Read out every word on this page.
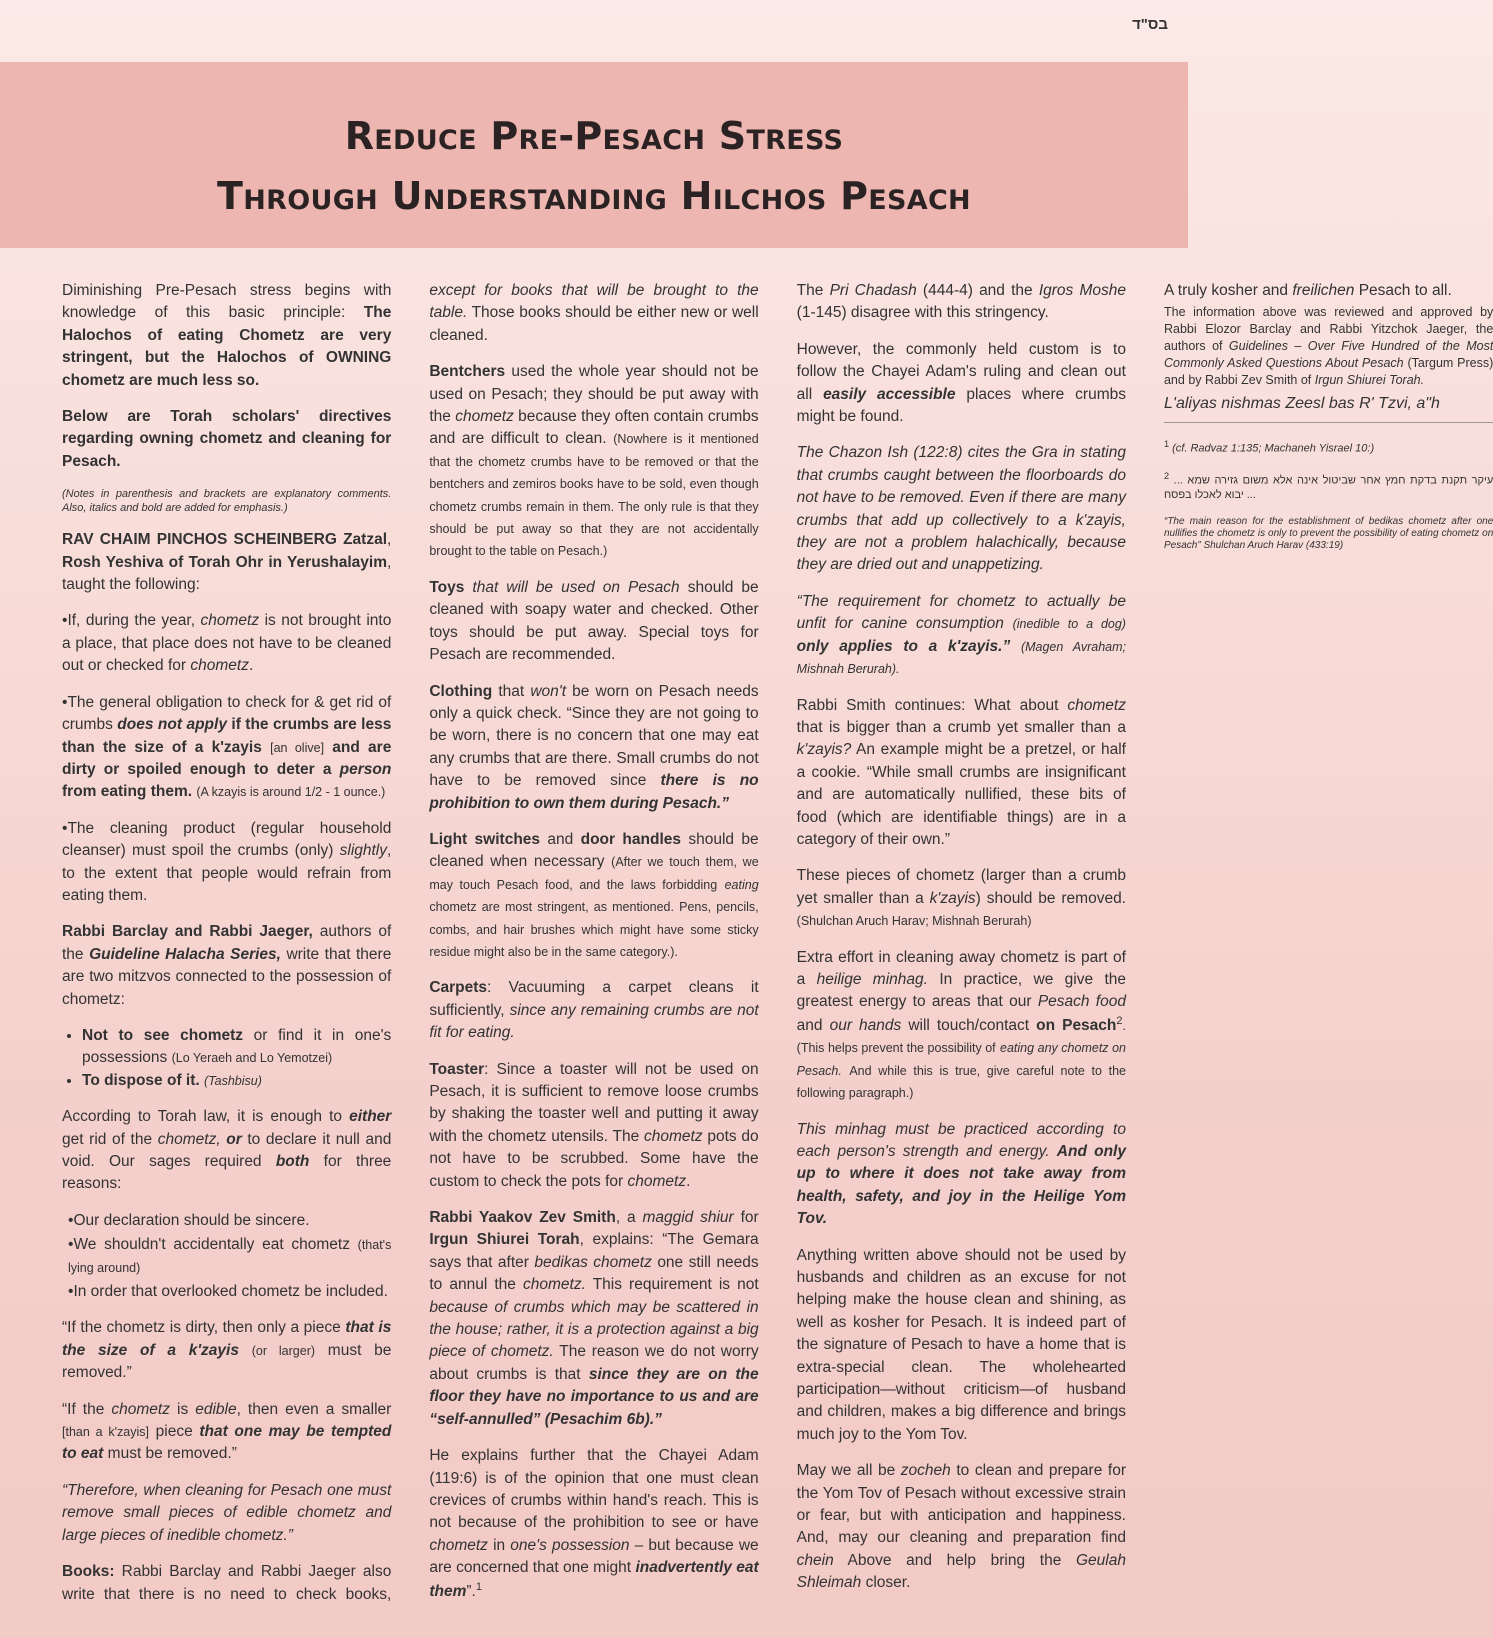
בס"ד
Reduce Pre-Pesach Stress
Through Understanding Hilchos Pesach

Diminishing Pre-Pesach stress begins with knowledge of this basic principle: The Halochos of eating Chometz are very stringent, but the Halochos of OWNING chometz are much less so.

Below are Torah scholars' directives regarding owning chometz and cleaning for Pesach.

(Notes in parenthesis and brackets are explanatory comments. Also, italics and bold are added for emphasis.)

RAV CHAIM PINCHOS SCHEINBERG Zatzal, Rosh Yeshiva of Torah Ohr in Yerushalayim, taught the following:

•If, during the year, chometz is not brought into a place, that place does not have to be cleaned out or checked for chometz.

•The general obligation to check for & get rid of crumbs does not apply if the crumbs are less than the size of a k'zayis [an olive] and are dirty or spoiled enough to deter a person from eating them. (A kzayis is around 1/2 - 1 ounce.)

•The cleaning product (regular household cleanser) must spoil the crumbs (only) slightly, to the extent that people would refrain from eating them.

Rabbi Barclay and Rabbi Jaeger, authors of the Guideline Halacha Series, write that there are two mitzvos connected to the possession of chometz:

• Not to see chometz or find it in one's possessions (Lo Yeraeh and Lo Yemotzei)
• To dispose of it. (Tashbisu)

According to Torah law, it is enough to either get rid of the chometz, or to declare it null and void. Our sages required both for three reasons:

•Our declaration should be sincere.
•We shouldn't accidentally eat chometz (that's lying around)
•In order that overlooked chometz be included.

“If the chometz is dirty, then only a piece that is the size of a k'zayis (or larger) must be removed.”

“If the chometz is edible, then even a smaller [than a k'zayis] piece that one may be tempted to eat must be removed.”

“Therefore, when cleaning for Pesach one must remove small pieces of edible chometz and large pieces of inedible chometz.”

Books: Rabbi Barclay and Rabbi Jaeger also write that there is no need to check books, except for books that will be brought to the table. Those books should be either new or well cleaned.

Bentchers used the whole year should not be used on Pesach; they should be put away with the chometz because they often contain crumbs and are difficult to clean. (Nowhere is it mentioned that the chometz crumbs have to be removed or that the bentchers and zemiros books have to be sold, even though chometz crumbs remain in them. The only rule is that they should be put away so that they are not accidentally brought to the table on Pesach.)

Toys that will be used on Pesach should be cleaned with soapy water and checked. Other toys should be put away. Special toys for Pesach are recommended.

Clothing that won't be worn on Pesach needs only a quick check. “Since they are not going to be worn, there is no concern that one may eat any crumbs that are there. Small crumbs do not have to be removed since there is no prohibition to own them during Pesach.”

Light switches and door handles should be cleaned when necessary (After we touch them, we may touch Pesach food, and the laws forbidding eating chometz are most stringent, as mentioned. Pens, pencils, combs, and hair brushes which might have some sticky residue might also be in the same category.).

Carpets: Vacuuming a carpet cleans it sufficiently, since any remaining crumbs are not fit for eating.

Toaster: Since a toaster will not be used on Pesach, it is sufficient to remove loose crumbs by shaking the toaster well and putting it away with the chometz utensils. The chometz pots do not have to be scrubbed. Some have the custom to check the pots for chometz.

Rabbi Yaakov Zev Smith, a maggid shiur for Irgun Shiurei Torah, explains: “The Gemara says that after bedikas chometz one still needs to annul the chometz. This requirement is not because of crumbs which may be scattered in the house; rather, it is a protection against a big piece of chometz. The reason we do not worry about crumbs is that since they are on the floor they have no importance to us and are “self-annulled” (Pesachim 6b).”

He explains further that the Chayei Adam (119:6) is of the opinion that one must clean crevices of crumbs within hand's reach. This is not because of the prohibition to see or have chometz in one's possession – but because we are concerned that one might inadvertently eat them”.$^1$

The Pri Chadash (444-4) and the Igros Moshe (1-145) disagree with this stringency.

However, the commonly held custom is to follow the Chayei Adam's ruling and clean out all easily accessible places where crumbs might be found.

The Chazon Ish (122:8) cites the Gra in stating that crumbs caught between the floorboards do not have to be removed. Even if there are many crumbs that add up collectively to a k'zayis, they are not a problem halachically, because they are dried out and unappetizing.

“The requirement for chometz to actually be unfit for canine consumption (inedible to a dog) only applies to a k'zayis.” (Magen Avraham; Mishnah Berurah).

Rabbi Smith continues: What about chometz that is bigger than a crumb yet smaller than a k'zayis? An example might be a pretzel, or half a cookie. “While small crumbs are insignificant and are automatically nullified, these bits of food (which are identifiable things) are in a category of their own.”

These pieces of chometz (larger than a crumb yet smaller than a k'zayis) should be removed. (Shulchan Aruch Harav; Mishnah Berurah)

Extra effort in cleaning away chometz is part of a heilige minhag. In practice, we give the greatest energy to areas that our Pesach food and our hands will touch/contact on Pesach$^2$. (This helps prevent the possibility of eating any chometz on Pesach. And while this is true, give careful note to the following paragraph.)

This minhag must be practiced according to each person's strength and energy. And only up to where it does not take away from health, safety, and joy in the Heilige Yom Tov.

Anything written above should not be used by husbands and children as an excuse for not helping make the house clean and shining, as well as kosher for Pesach. It is indeed part of the signature of Pesach to have a home that is extra-special clean. The wholehearted participation—without criticism—of husband and children, makes a big difference and brings much joy to the Yom Tov.

May we all be zocheh to clean and prepare for the Yom Tov of Pesach without excessive strain or fear, but with anticipation and happiness. And, may our cleaning and preparation find chein Above and help bring the Geulah Shleimah closer.

A truly kosher and freilichen Pesach to all.

The information above was reviewed and approved by Rabbi Elozor Barclay and Rabbi Yitzchok Jaeger, the authors of Guidelines – Over Five Hundred of the Most Commonly Asked Questions About Pesach (Targum Press) and by Rabbi Zev Smith of Irgun Shiurei Torah.

L'aliyas nishmas Zeesl bas R' Tzvi, a"h

$^1$ (cf. Radvaz 1:135; Machaneh Yisrael 10:)

$^2$ ... עיקר תקנת בדקת חמץ אחר שביטול אינה אלא משום גזירה שמא יבוא לאכלו בפסח ...

“The main reason for the establishment of bedikas chometz after one nullifies the chometz is only to prevent the possibility of eating chometz on Pesach” Shulchan Aruch Harav (433:19)
